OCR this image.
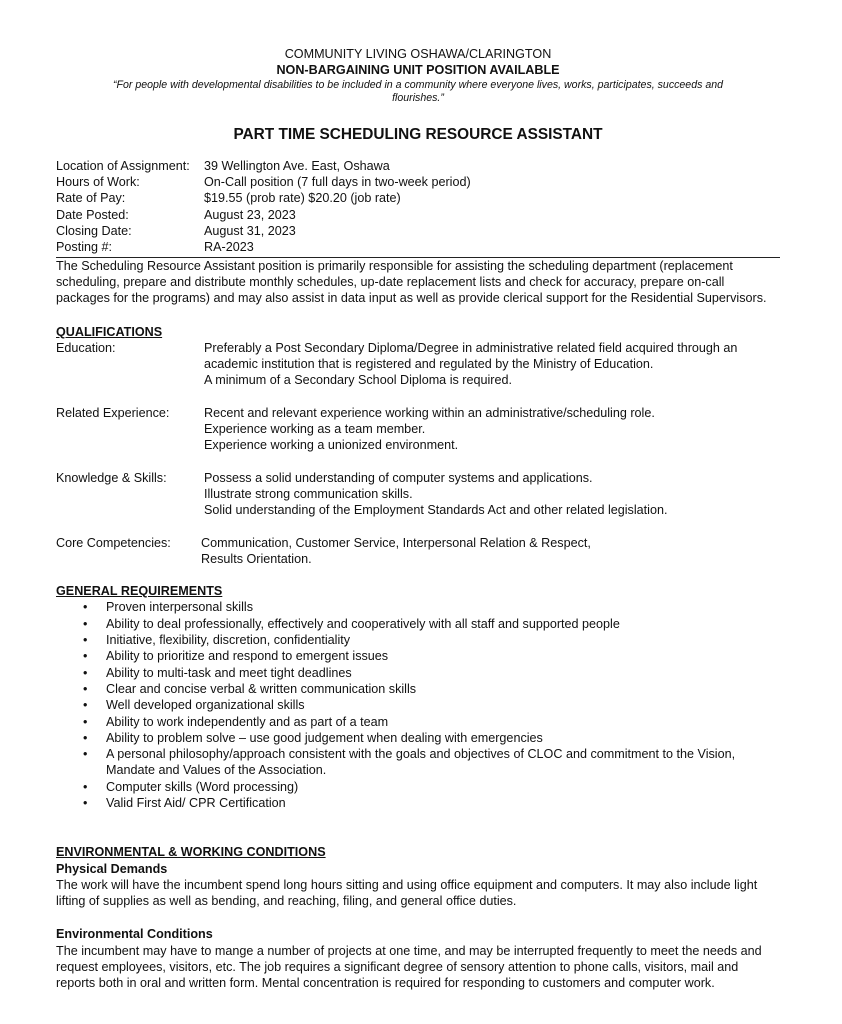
COMMUNITY LIVING OSHAWA/CLARINGTON
NON-BARGAINING UNIT POSITION AVAILABLE
“For people with developmental disabilities to be included in a community where everyone lives, works, participates, succeeds and
flourishes.”
PART TIME SCHEDULING RESOURCE ASSISTANT
Location of Assignment:	39 Wellington Ave. East, Oshawa
Hours of Work:	On-Call position (7 full days in two-week period)
Rate of Pay:	$19.55 (prob rate) $20.20 (job rate)
Date Posted:	August 23, 2023
Closing Date:	August 31, 2023
Posting #:	RA-2023

The Scheduling Resource Assistant position is primarily responsible for assisting the scheduling department (replacement scheduling, prepare and distribute monthly schedules, up-date replacement lists and check for accuracy, prepare on-call packages for the programs) and may also assist in data input as well as provide clerical support for the Residential Supervisors.

QUALIFICATIONS
Education:	Preferably a Post Secondary Diploma/Degree in administrative related field acquired through an academic institution that is registered and regulated by the Ministry of Education.
A minimum of a Secondary School Diploma is required.
Related Experience:	Recent and relevant experience working within an administrative/scheduling role.
Experience working as a team member.
Experience working a unionized environment.
Knowledge & Skills:	Possess a solid understanding of computer systems and applications.
Illustrate strong communication skills.
Solid understanding of the Employment Standards Act and other related legislation.
Core Competencies:	Communication, Customer Service, Interpersonal Relation & Respect, Results Orientation.
GENERAL REQUIREMENTS
• Proven interpersonal skills
• Ability to deal professionally, effectively and cooperatively with all staff and supported people
• Initiative, flexibility, discretion, confidentiality
• Ability to prioritize and respond to emergent issues
• Ability to multi-task and meet tight deadlines
• Clear and concise verbal & written communication skills
• Well developed organizational skills
• Ability to work independently and as part of a team
• Ability to problem solve – use good judgement when dealing with emergencies
• A personal philosophy/approach consistent with the goals and objectives of CLOC and commitment to the Vision, Mandate and Values of the Association.
• Computer skills (Word processing)
• Valid First Aid/ CPR Certification
ENVIRONMENTAL & WORKING CONDITIONS
Physical Demands

The work will have the incumbent spend long hours sitting and using office equipment and computers. It may also include light lifting of supplies as well as bending, and reaching, filing, and general office duties.

Environmental Conditions

The incumbent may have to mange a number of projects at one time, and may be interrupted frequently to meet the needs and request employees, visitors, etc. The job requires a significant degree of sensory attention to phone calls, visitors, mail and reports both in oral and written form. Mental concentration is required for responding to customers and computer work.
